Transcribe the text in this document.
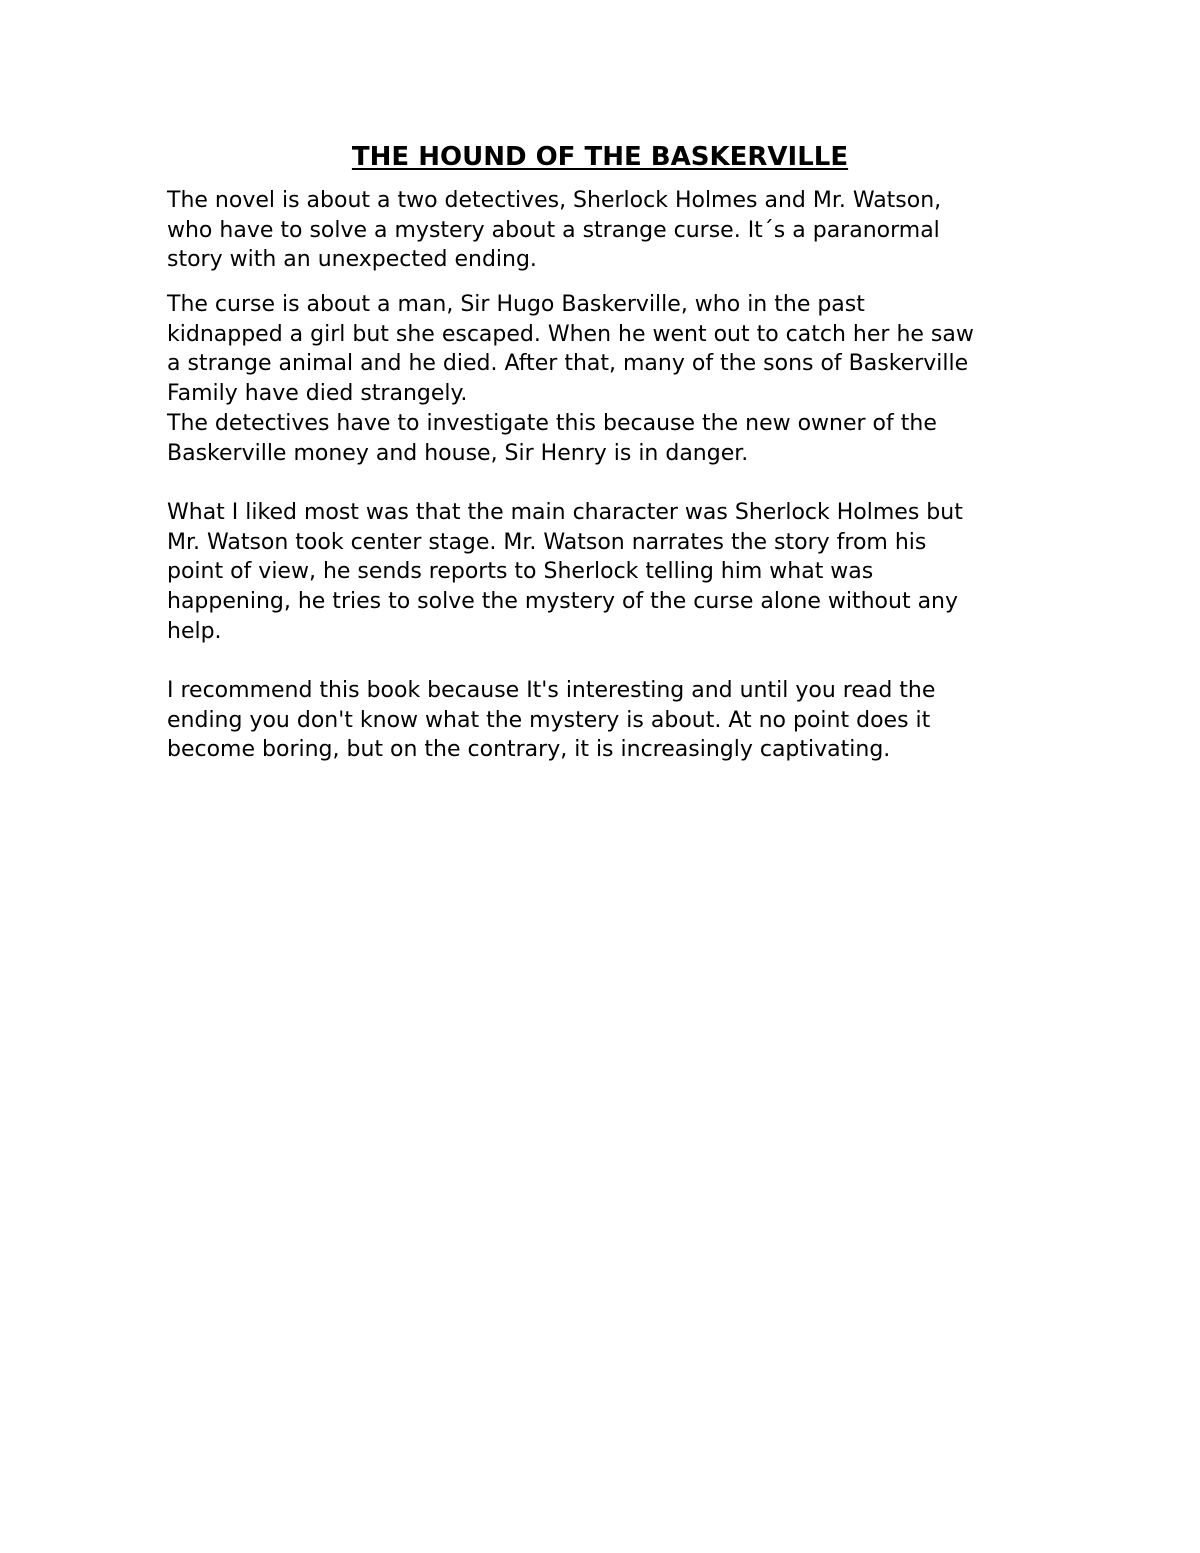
THE HOUND OF THE BASKERVILLE
The novel is about a two detectives, Sherlock Holmes and Mr. Watson,
who have to solve a mystery about a strange curse. It´s a paranormal
story with an unexpected ending.
The curse is about a man, Sir Hugo Baskerville, who in the past
kidnapped a girl but she escaped. When he went out to catch her he saw
a strange animal and he died. After that, many of the sons of Baskerville
Family have died strangely.
The detectives have to investigate this because the new owner of the
Baskerville money and house, Sir Henry is in danger.
What I liked most was that the main character was Sherlock Holmes but
Mr. Watson took center stage. Mr. Watson narrates the story from his
point of view, he sends reports to Sherlock telling him what was
happening, he tries to solve the mystery of the curse alone without any
help.
I recommend this book because It's interesting and until you read the
ending you don't know what the mystery is about. At no point does it
become boring, but on the contrary, it is increasingly captivating.
